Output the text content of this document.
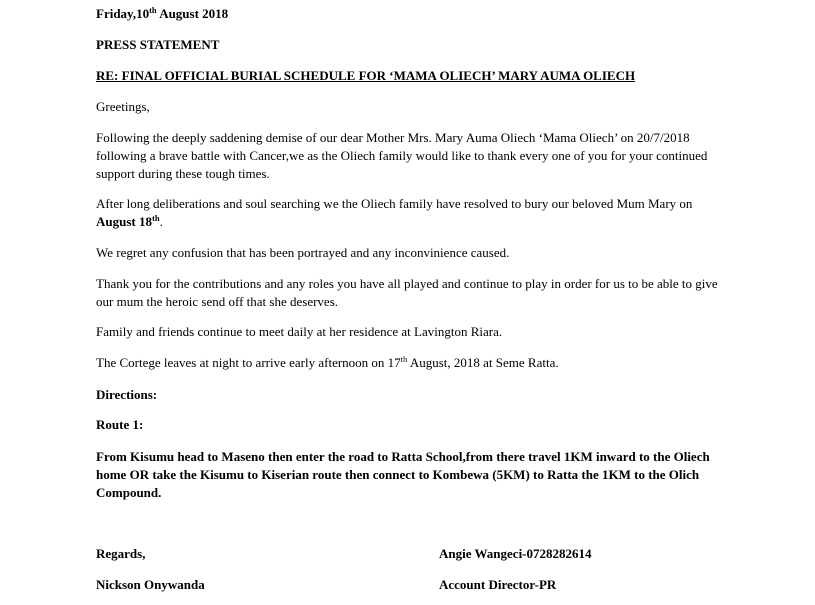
Friday,10th August 2018
PRESS STATEMENT
RE: FINAL OFFICIAL BURIAL SCHEDULE FOR ‘MAMA OLIECH’ MARY AUMA OLIECH
Greetings,
Following the deeply saddening demise of our dear Mother Mrs. Mary Auma Oliech ‘Mama Oliech’ on 20/7/2018 following a brave battle with Cancer,we as the Oliech family would like to thank every one of you for your continued support during these tough times.
After long deliberations and soul searching we the Oliech family have resolved to bury our beloved Mum Mary on August 18th.
We regret any confusion that has been portrayed and any inconvinience caused.
Thank you for the contributions and any roles you have all played and continue to play in order for us to be able to give our mum the heroic send off that she deserves.
Family and friends continue to meet daily at her residence at Lavington Riara.
The Cortege leaves at night to arrive early afternoon on 17th August, 2018 at Seme Ratta.
Directions:
Route 1:
From Kisumu head to Maseno then enter the road to Ratta School,from there travel 1KM inward to the Oliech home OR take the Kisumu to Kiserian route then connect to Kombewa (5KM) to Ratta the 1KM to the Olich Compound.
Regards,	Angie Wangeci-0728282614
Nickson Onywanda	Account Director-PR
